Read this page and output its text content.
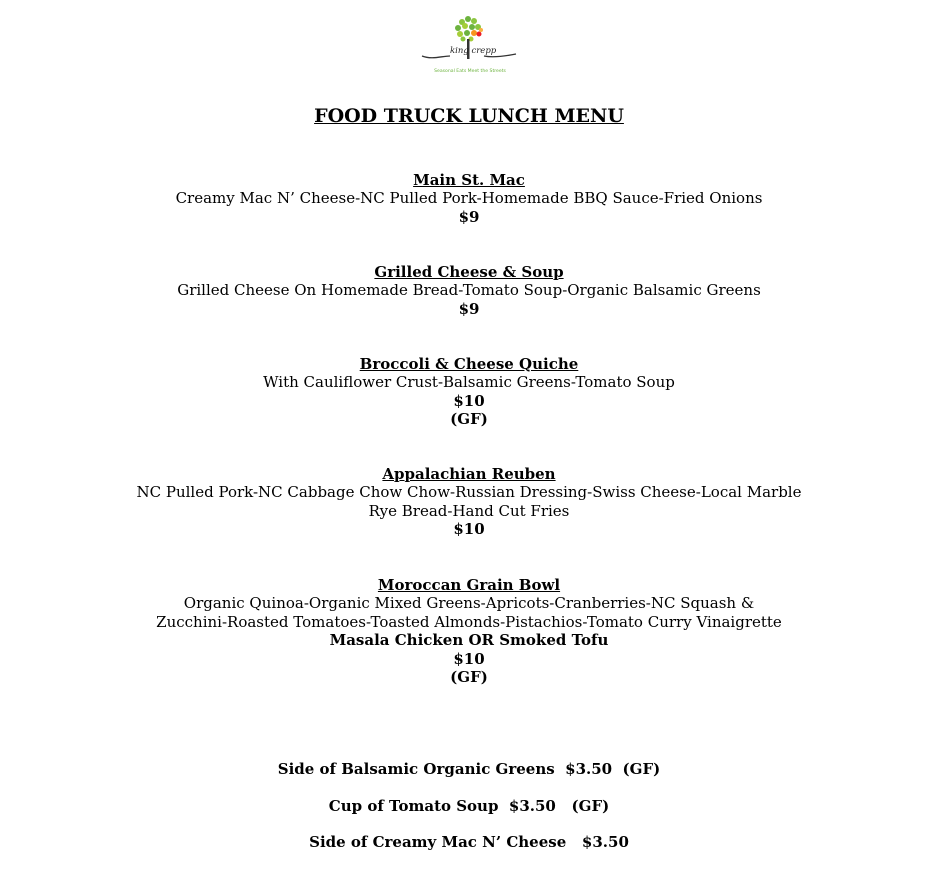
king crepp
Seasonal Eats Meet the Streets
FOOD TRUCK LUNCH MENU
Main St. Mac
Creamy Mac N’ Cheese-NC Pulled Pork-Homemade BBQ Sauce-Fried Onions
$9
Grilled Cheese & Soup
Grilled Cheese On Homemade Bread-Tomato Soup-Organic Balsamic Greens
$9
Broccoli & Cheese Quiche
With Cauliflower Crust-Balsamic Greens-Tomato Soup
$10
(GF)
Appalachian Reuben
NC Pulled Pork-NC Cabbage Chow Chow-Russian Dressing-Swiss Cheese-Local Marble
Rye Bread-Hand Cut Fries
$10
Moroccan Grain Bowl
Organic Quinoa-Organic Mixed Greens-Apricots-Cranberries-NC Squash &
Zucchini-Roasted Tomatoes-Toasted Almonds-Pistachios-Tomato Curry Vinaigrette
Masala Chicken OR Smoked Tofu
$10
(GF)
Side of Balsamic Organic Greens  $3.50  (GF)
Cup of Tomato Soup  $3.50   (GF)
Side of Creamy Mac N’ Cheese   $3.50
